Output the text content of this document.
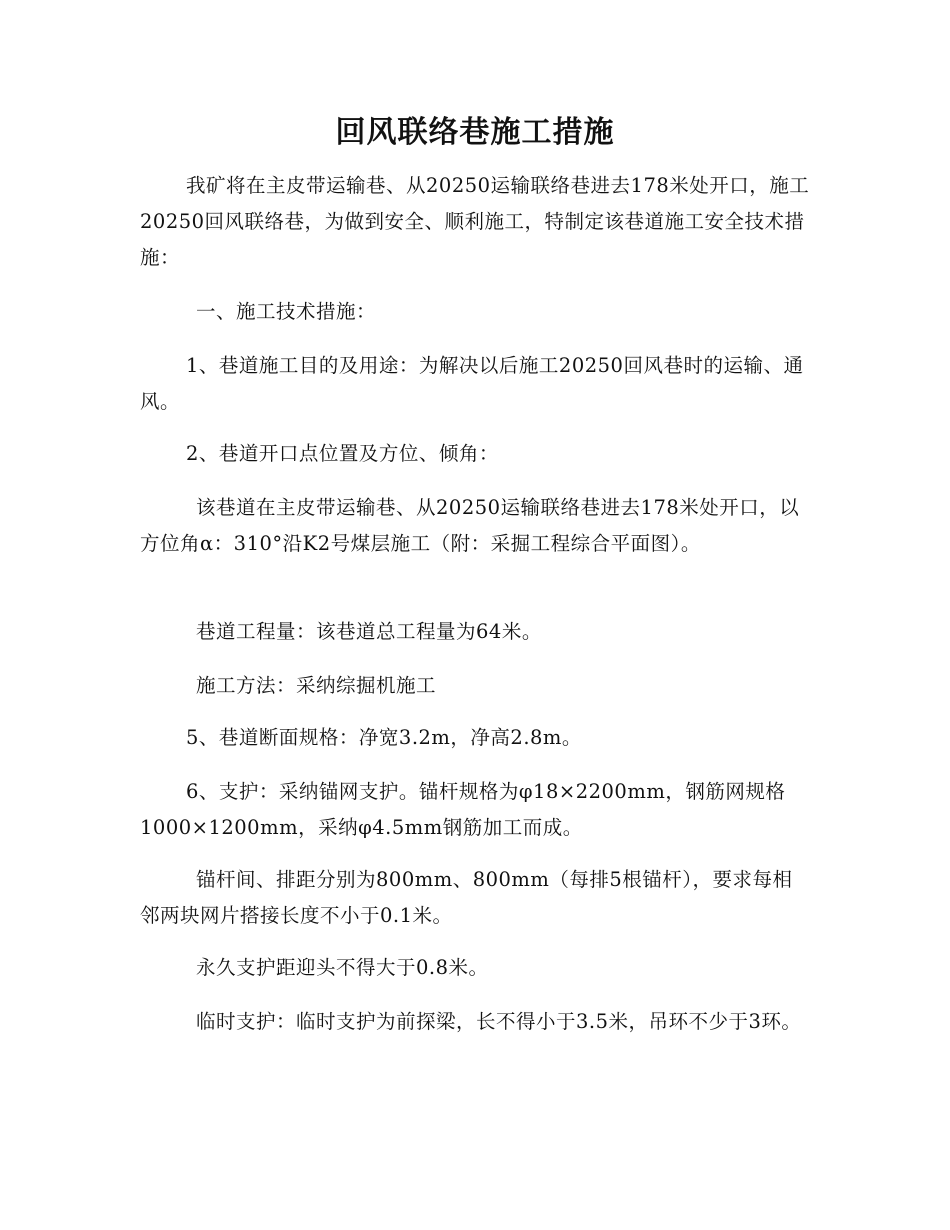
回风联络巷施工措施

我矿将在主皮带运输巷、从20250运输联络巷进去178米处开口，施工20250回风联络巷，为做到安全、顺利施工，特制定该巷道施工安全技术措施：

一、施工技术措施：

1、巷道施工目的及用途：为解决以后施工20250回风巷时的运输、通风。

2、巷道开口点位置及方位、倾角：

该巷道在主皮带运输巷、从20250运输联络巷进去178米处开口，以方位角α：310°沿K2号煤层施工（附：采掘工程综合平面图）。

巷道工程量：该巷道总工程量为64米。

施工方法：采纳综掘机施工

5、巷道断面规格：净宽3.2m，净高2.8m。

6、支护：采纳锚网支护。锚杆规格为φ18×2200mm，钢筋网规格1000×1200mm，采纳φ4.5mm钢筋加工而成。

锚杆间、排距分别为800mm、800mm（每排5根锚杆），要求每相邻两块网片搭接长度不小于0.1米。

永久支护距迎头不得大于0.8米。

临时支护：临时支护为前探梁，长不得小于3.5米，吊环不少于3环。
